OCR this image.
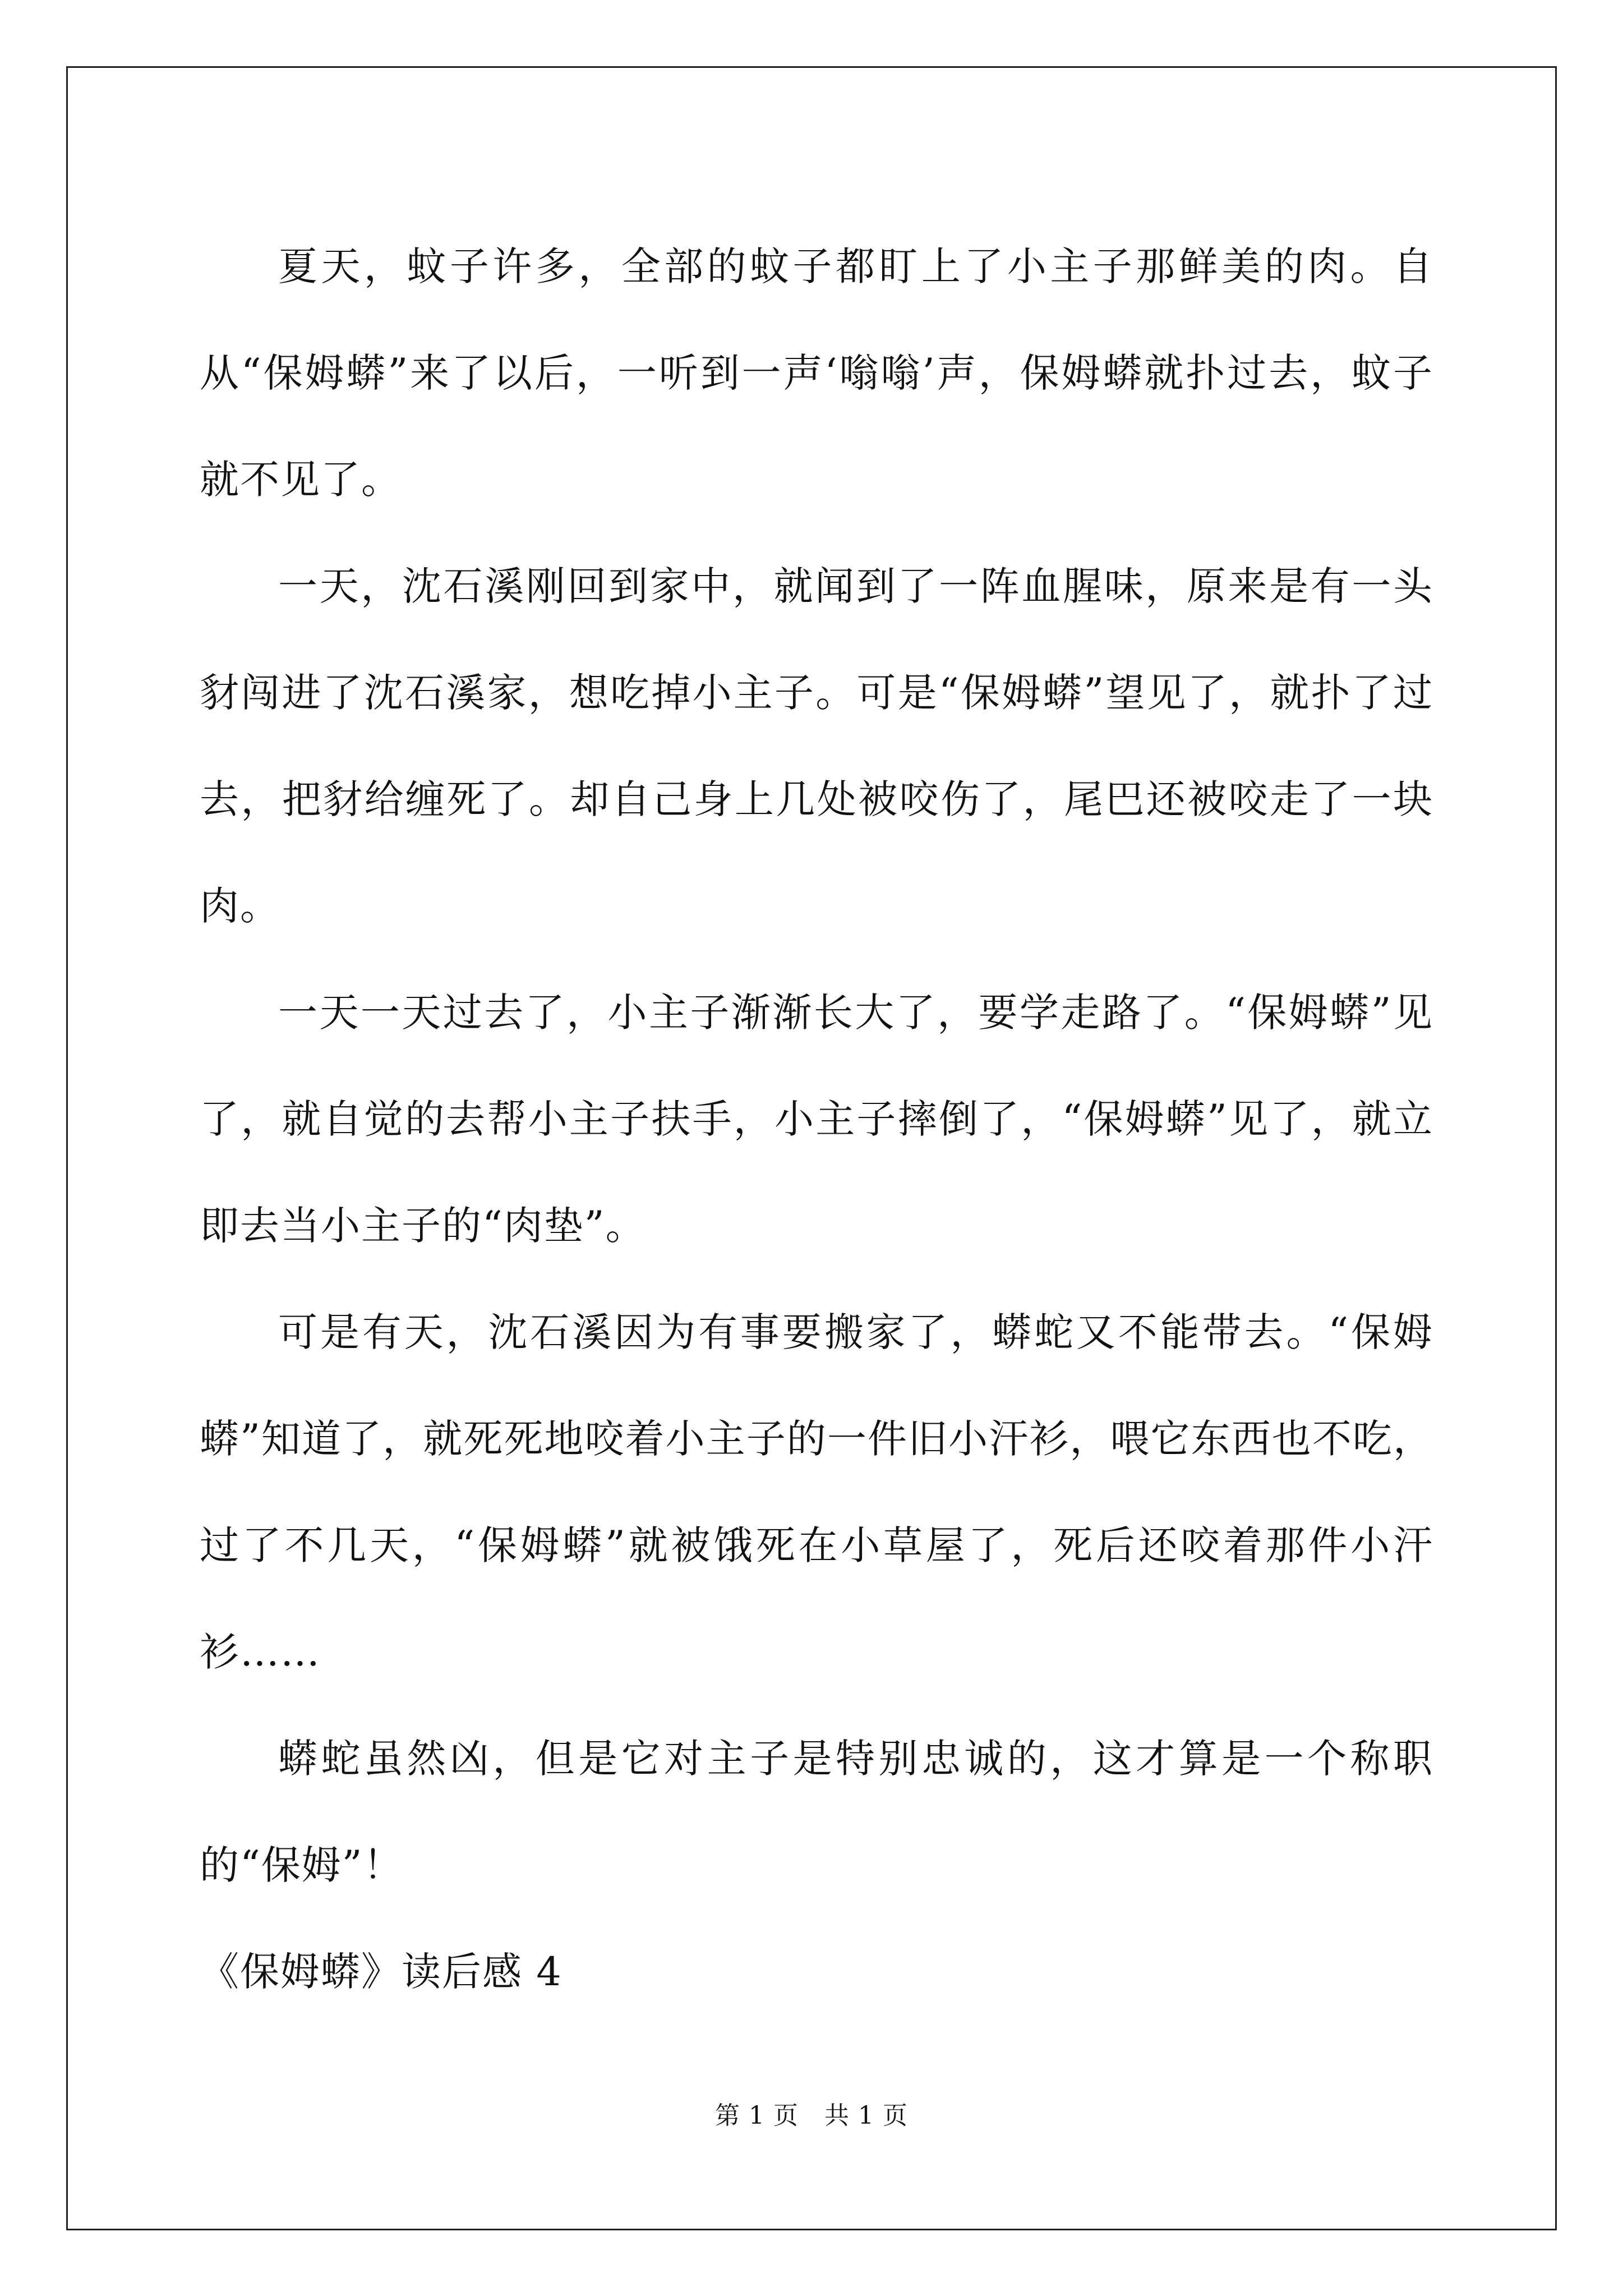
夏天，蚊子许多，全部的蚊子都盯上了小主子那鲜美的肉。自从“保姆蟒”来了以后，一听到一声‘嗡嗡’声，保姆蟒就扑过去，蚊子就不见了。

一天，沈石溪刚回到家中，就闻到了一阵血腥味，原来是有一头豺闯进了沈石溪家，想吃掉小主子。可是“保姆蟒”望见了，就扑了过去，把豺给缠死了。却自己身上几处被咬伤了，尾巴还被咬走了一块肉。

一天一天过去了，小主子渐渐长大了，要学走路了。“保姆蟒”见了，就自觉的去帮小主子扶手，小主子摔倒了，“保姆蟒”见了，就立即去当小主子的“肉垫”。

可是有天，沈石溪因为有事要搬家了，蟒蛇又不能带去。“保姆蟒”知道了，就死死地咬着小主子的一件旧小汗衫，喂它东西也不吃，过了不几天，“保姆蟒”就被饿死在小草屋了，死后还咬着那件小汗衫……

蟒蛇虽然凶，但是它对主子是特别忠诚的，这才算是一个称职的“保姆”！

《保姆蟒》读后感 4

第 1 页 共 1 页
